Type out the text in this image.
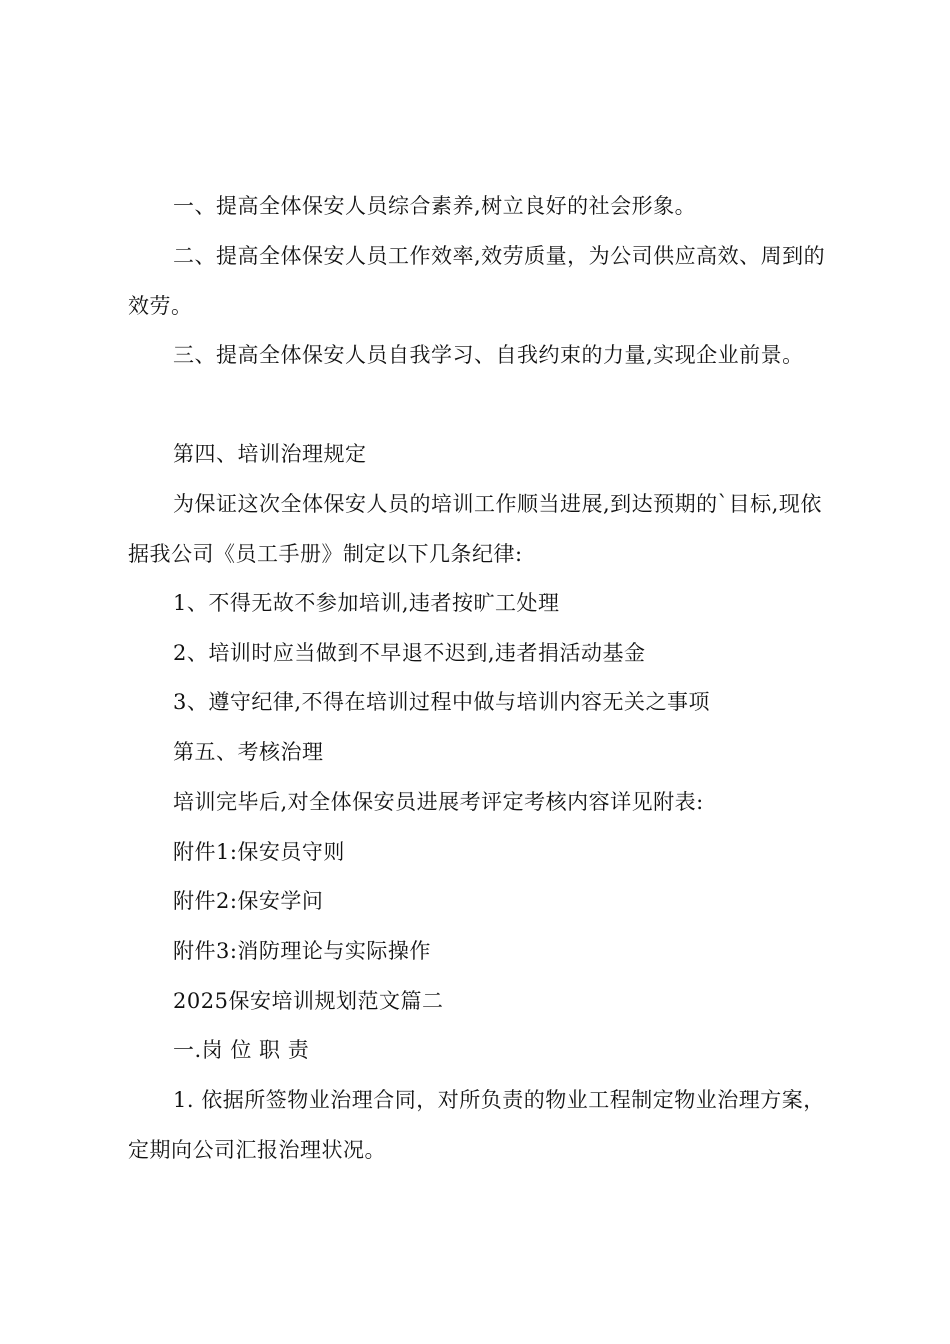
一、提高全体保安人员综合素养,树立良好的社会形象。

二、提高全体保安人员工作效率,效劳质量，为公司供应高效、周到的效劳。

三、提高全体保安人员自我学习、自我约束的力量,实现企业前景。

第四、培训治理规定

为保证这次全体保安人员的培训工作顺当进展,到达预期的`目标,现依据我公司《员工手册》制定以下几条纪律:

1、不得无故不参加培训,违者按旷工处理

2、培训时应当做到不早退不迟到,违者捐活动基金

3、遵守纪律,不得在培训过程中做与培训内容无关之事项

第五、考核治理

培训完毕后,对全体保安员进展考评定考核内容详见附表:

附件1:保安员守则

附件2:保安学问

附件3:消防理论与实际操作

2025保安培训规划范文篇二

一.岗 位 职 责

1. 依据所签物业治理合同，对所负责的物业工程制定物业治理方案，定期向公司汇报治理状况。
